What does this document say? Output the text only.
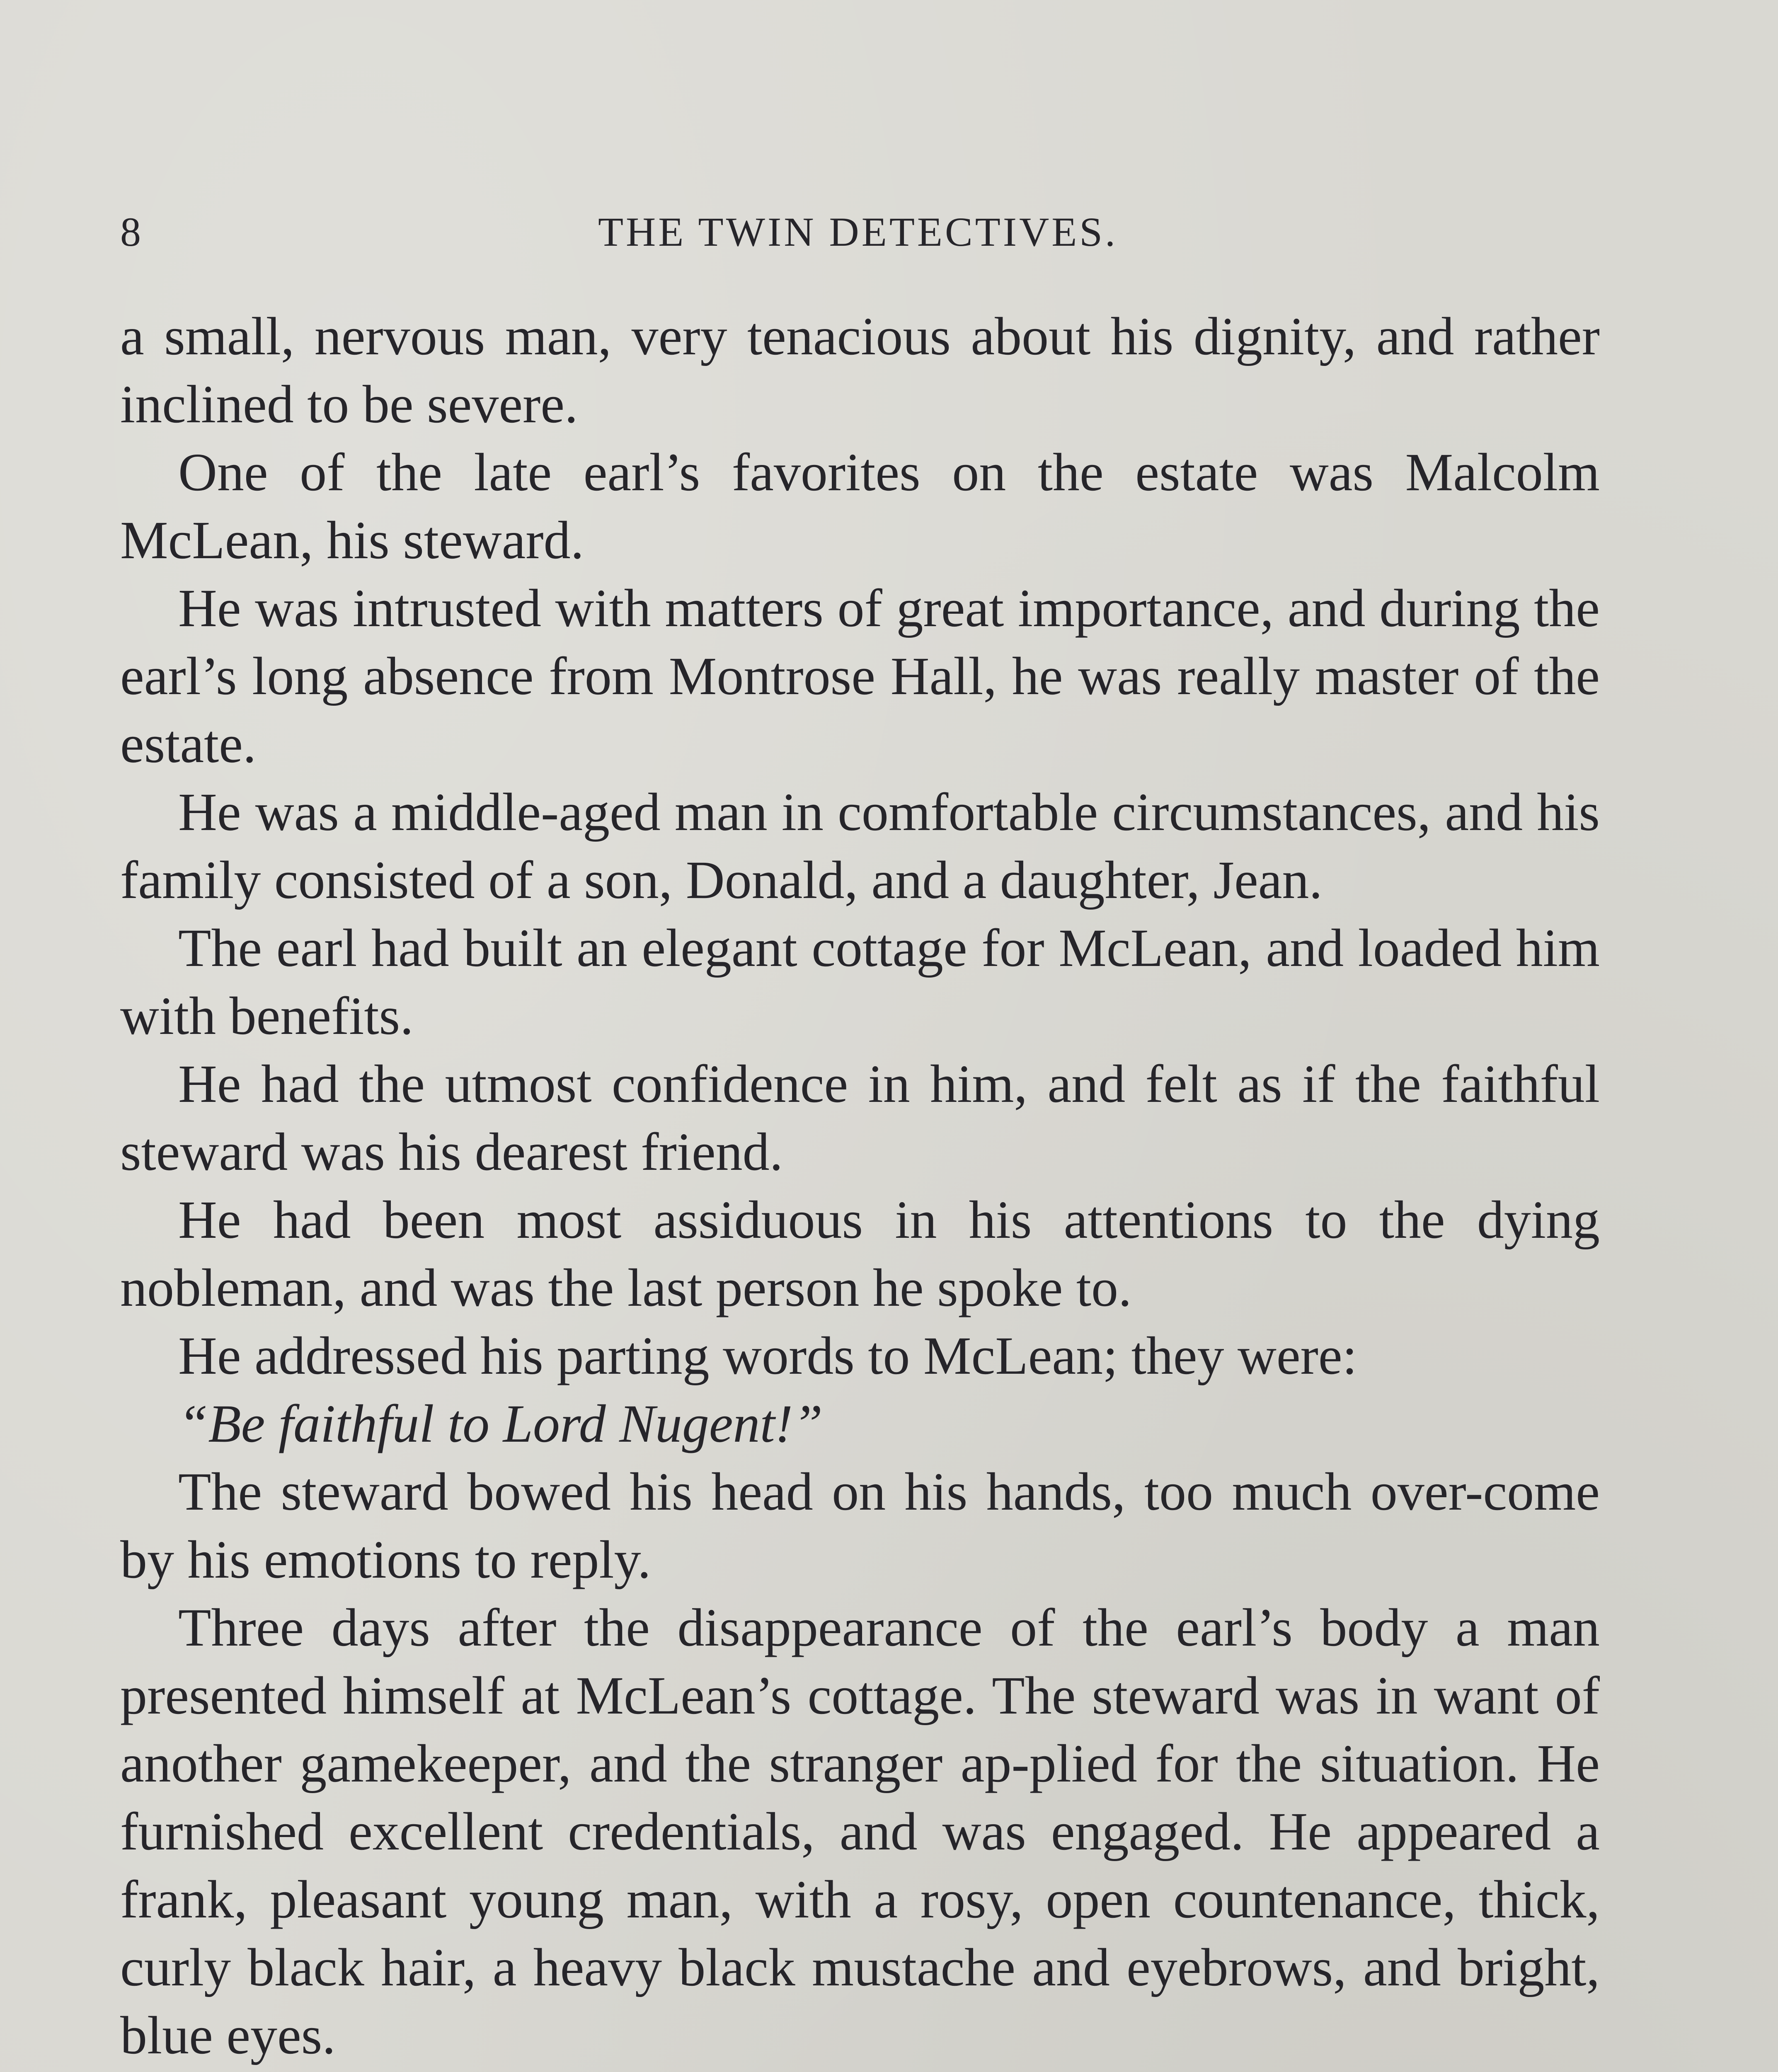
8	THE TWIN DETECTIVES.

a small, nervous man, very tenacious about his dignity, and rather inclined to be severe.

One of the late earl’s favorites on the estate was Malcolm McLean, his steward.

He was intrusted with matters of great importance, and during the earl’s long absence from Montrose Hall, he was really master of the estate.

He was a middle-aged man in comfortable circumstances, and his family consisted of a son, Donald, and a daughter, Jean.

The earl had built an elegant cottage for McLean, and loaded him with benefits.

He had the utmost confidence in him, and felt as if the faithful steward was his dearest friend.

He had been most assiduous in his attentions to the dying nobleman, and was the last person he spoke to.

He addressed his parting words to McLean; they were:

“Be faithful to Lord Nugent!”

The steward bowed his head on his hands, too much over-come by his emotions to reply.

Three days after the disappearance of the earl’s body a man presented himself at McLean’s cottage. The steward was in want of another gamekeeper, and the stranger ap-plied for the situation. He furnished excellent credentials, and was engaged. He appeared a frank, pleasant young man, with a rosy, open countenance, thick, curly black hair, a heavy black mustache and eyebrows, and bright, blue eyes.
